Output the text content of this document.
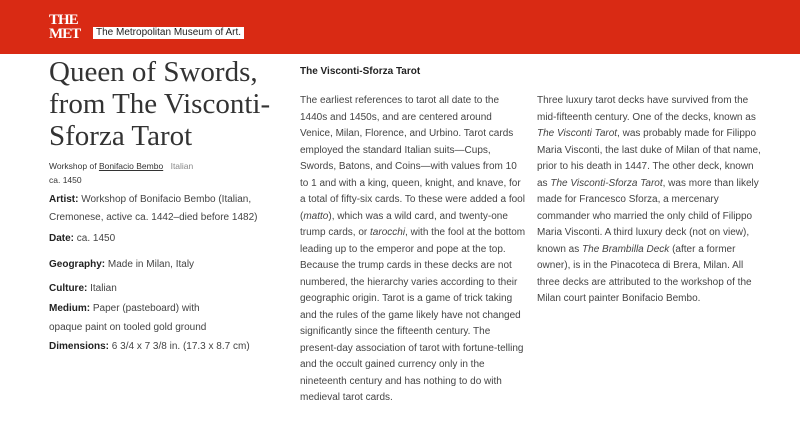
THE
MET	The Metropolitan Museum of Art.
Queen of Swords, from The Visconti-Sforza Tarot
Workshop of Bonifacio Bembo Italian
ca. 1450
Artist: Workshop of Bonifacio Bembo (Italian,
Cremonese, active ca. 1442–died before 1482)
Date: ca. 1450
Geography: Made in Milan, Italy
Culture: Italian
Medium: Paper (pasteboard) with
opaque paint on tooled gold ground
Dimensions: 6 3/4 x 7 3/8 in. (17.3 x 8.7 cm)
The Visconti-Sforza Tarot

The earliest references to tarot all date to the 1440s and 1450s, and are centered around Venice, Milan, Florence, and Urbino. Tarot cards employed the standard Italian suits—Cups, Swords, Batons, and Coins—with values from 10 to 1 and with a king, queen, knight, and knave, for a total of fifty-six cards. To these were added a fool (matto), which was a wild card, and twenty-one trump cards, or tarocchi, with the fool at the bottom leading up to the emperor and pope at the top. Because the trump cards in these decks are not numbered, the hierarchy varies according to their geographic origin. Tarot is a game of trick taking and the rules of the game likely have not changed significantly since the fifteenth century. The present-day association of tarot with fortune-telling and the occult gained currency only in the nineteenth century and has nothing to do with medieval tarot cards.

Three luxury tarot decks have survived from the mid-fifteenth century. One of the decks, known as The Visconti Tarot, was probably made for Filippo Maria Visconti, the last duke of Milan of that name, prior to his death in 1447. The other deck, known as The Visconti-Sforza Tarot, was more than likely made for Francesco Sforza, a mercenary commander who married the only child of Filippo Maria Visconti. A third luxury deck (not on view), known as The Brambilla Deck (after a former owner), is in the Pinacoteca di Brera, Milan. All three decks are attributed to the workshop of the Milan court painter Bonifacio Bembo.
